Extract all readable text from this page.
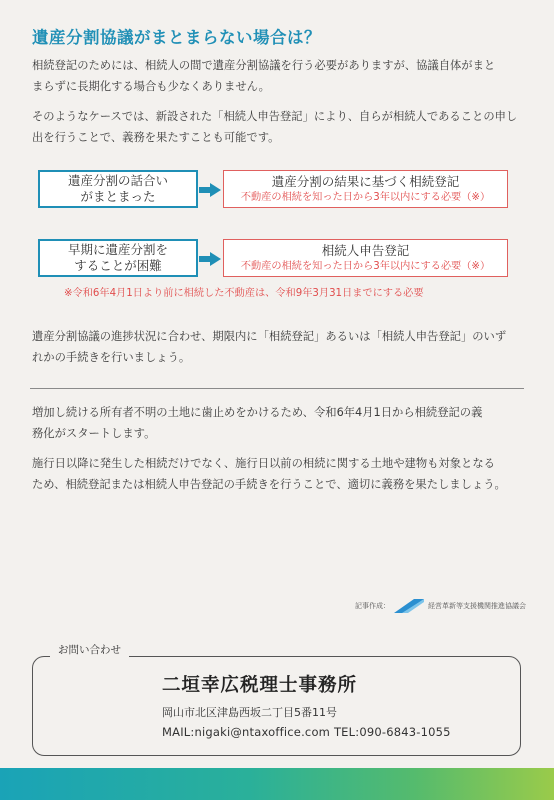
遺産分割協議がまとまらない場合は？

相続登記のためには、相続人の間で遺産分割協議を行う必要がありますが、協議自体がまと
まらずに長期化する場合も少なくありません。

そのようなケースでは、新設された「相続人申告登記」により、自らが相続人であることの申し
出を行うことで、義務を果たすことも可能です。

遺産分割の話合い
がまとまった
遺産分割の結果に基づく相続登記
不動産の相続を知った日から3年以内にする必要（※）
早期に遺産分割を
することが困難
相続人申告登記
不動産の相続を知った日から3年以内にする必要（※）
※令和6年4月1日より前に相続した不動産は、令和9年3月31日までにする必要

遺産分割協議の進捗状況に合わせ、期限内に「相続登記」あるいは「相続人申告登記」のいず
れかの手続きを行いましょう。

増加し続ける所有者不明の土地に歯止めをかけるため、令和6年4月1日から相続登記の義
務化がスタートします。

施行日以降に発生した相続だけでなく、施行日以前の相続に関する土地や建物も対象となる
ため、相続登記または相続人申告登記の手続きを行うことで、適切に義務を果たしましょう。

記事作成：	経営革新等支援機関推進協議会
お問い合わせ
二垣幸広税理士事務所
岡山市北区津島西坂二丁目5番11号
MAIL:nigaki@ntaxoffice.com TEL:090-6843-1055
